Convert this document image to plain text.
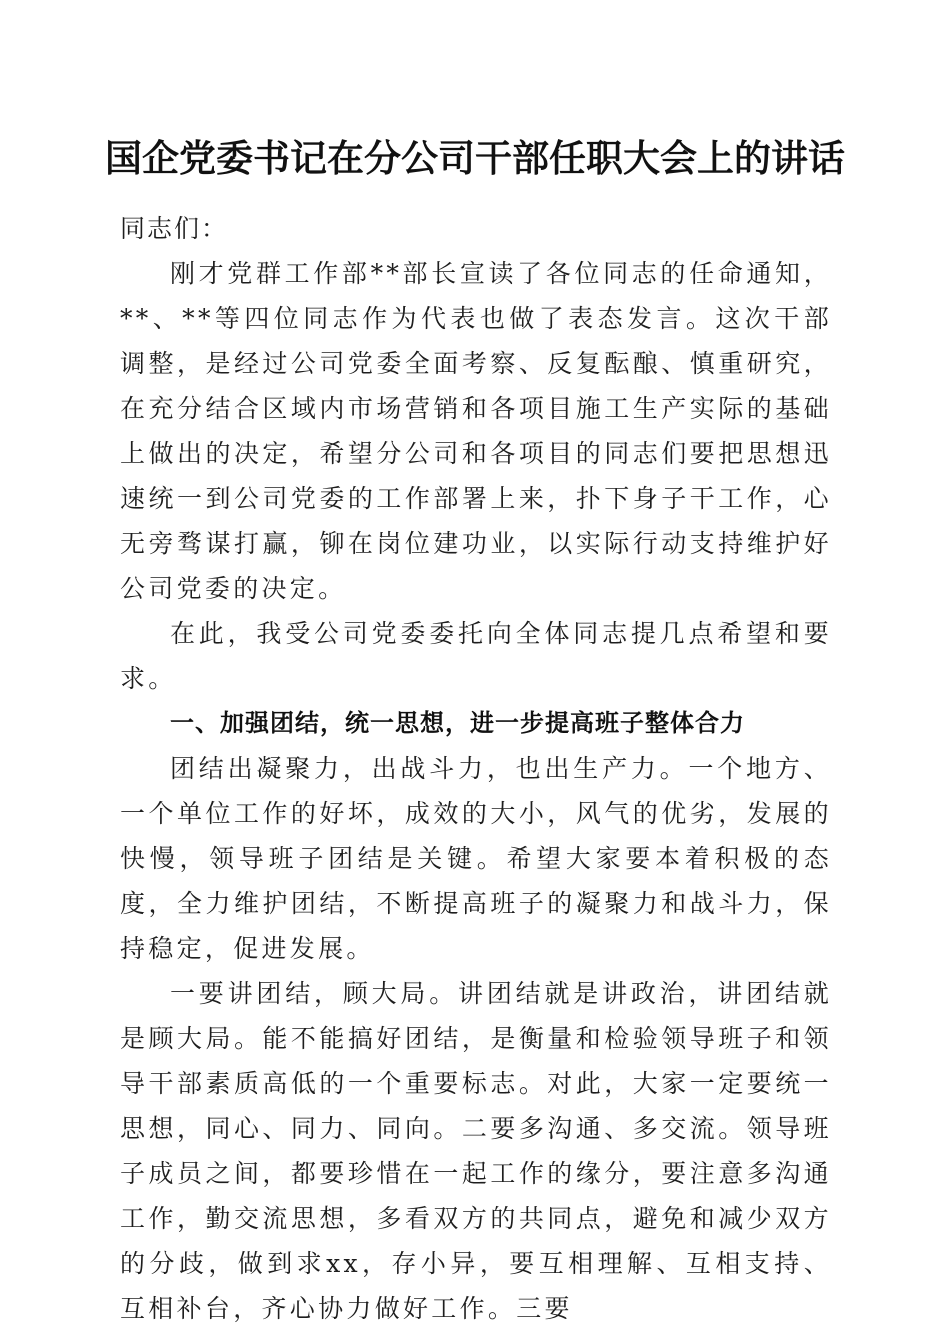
国企党委书记在分公司干部任职大会上的讲话

同志们：

刚才党群工作部**部长宣读了各位同志的任命通知，**、**等四位同志作为代表也做了表态发言。这次干部调整，是经过公司党委全面考察、反复酝酿、慎重研究，在充分结合区域内市场营销和各项目施工生产实际的基础上做出的决定，希望分公司和各项目的同志们要把思想迅速统一到公司党委的工作部署上来，扑下身子干工作，心无旁骛谋打赢，铆在岗位建功业，以实际行动支持维护好公司党委的决定。

在此，我受公司党委委托向全体同志提几点希望和要求。

一、加强团结，统一思想，进一步提高班子整体合力

团结出凝聚力，出战斗力，也出生产力。一个地方、一个单位工作的好坏，成效的大小，风气的优劣，发展的快慢，领导班子团结是关键。希望大家要本着积极的态度，全力维护团结，不断提高班子的凝聚力和战斗力，保持稳定，促进发展。

一要讲团结，顾大局。讲团结就是讲政治，讲团结就是顾大局。能不能搞好团结，是衡量和检验领导班子和领导干部素质高低的一个重要标志。对此，大家一定要统一思想，同心、同力、同向。二要多沟通、多交流。领导班子成员之间，都要珍惜在一起工作的缘分，要注意多沟通工作，勤交流思想，多看双方的共同点，避免和减少双方的分歧，做到求xx，存小异，要互相理解、互相支持、互相补台，齐心协力做好工作。三要
